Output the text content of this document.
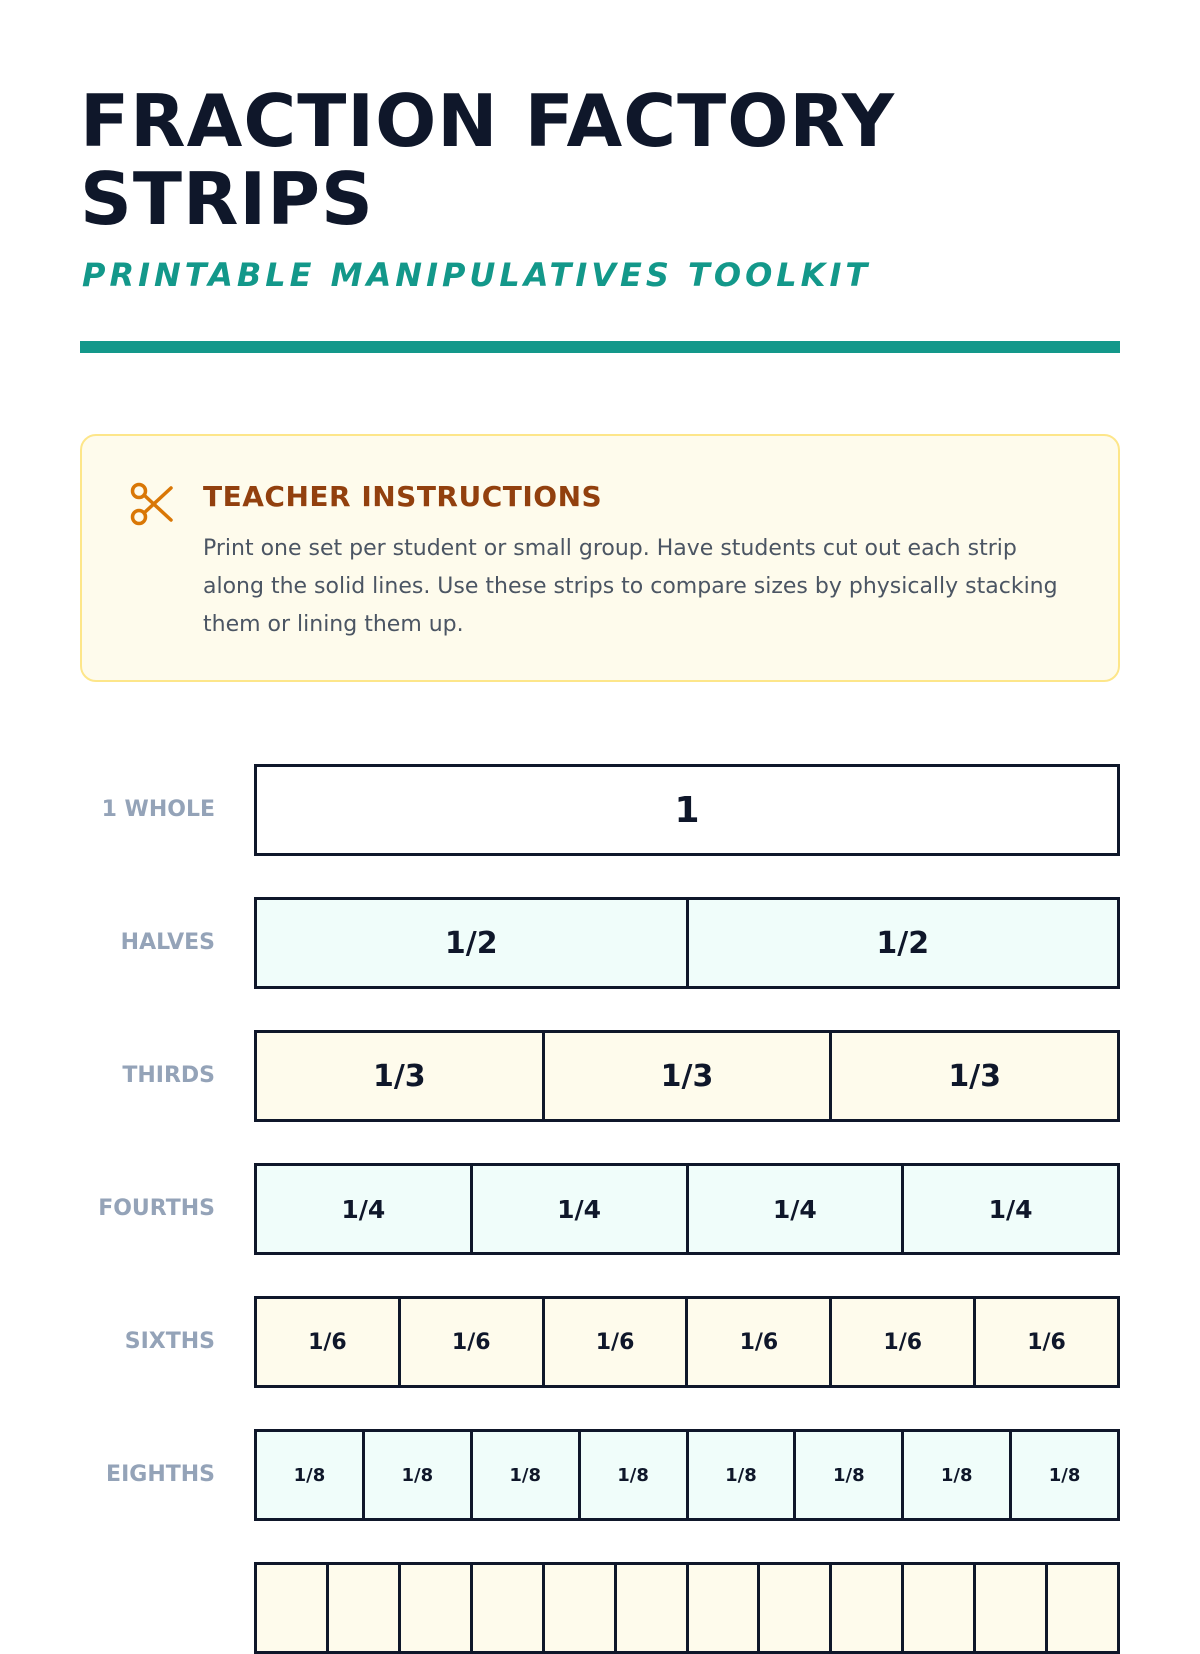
FRACTION FACTORY
STRIPS
PRINTABLE MANIPULATIVES TOOLKIT
TEACHER INSTRUCTIONS
Print one set per student or small group. Have students cut out each strip along the solid lines. Use these strips to compare sizes by physically stacking them or lining them up.
1 WHOLE	1
HALVES	1/2	1/2
THIRDS	1/3	1/3	1/3
FOURTHS	1/4	1/4	1/4	1/4
SIXTHS	1/6	1/6	1/6	1/6	1/6	1/6
EIGHTHS	1/8	1/8	1/8	1/8	1/8	1/8	1/8	1/8
